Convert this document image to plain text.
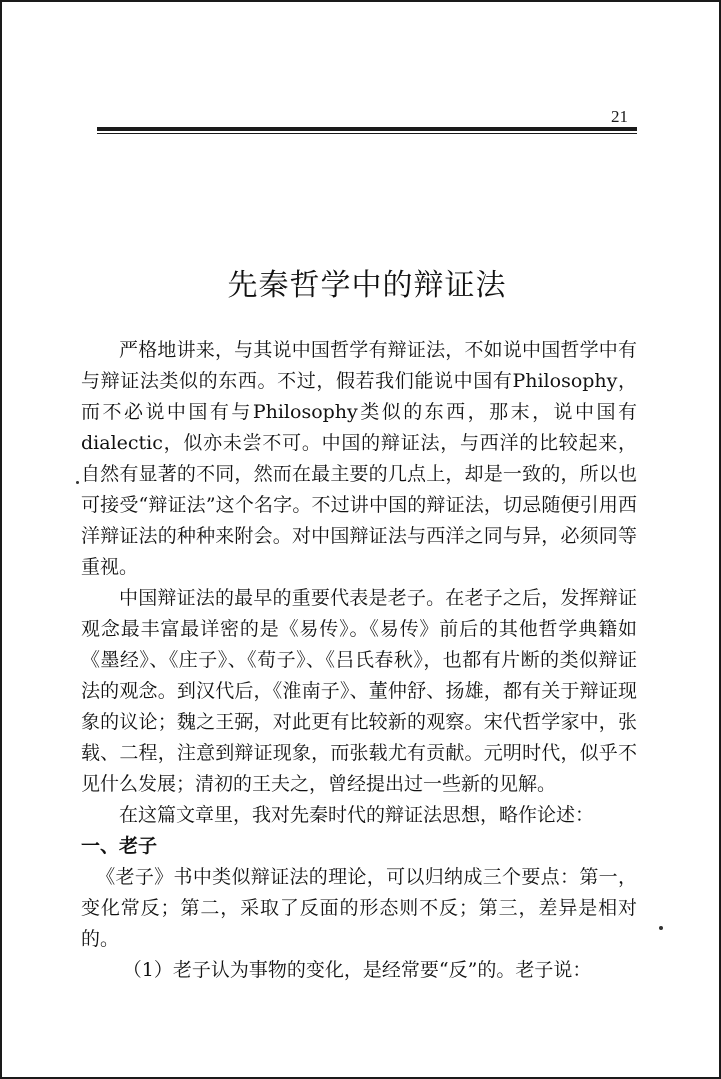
21
先秦哲学中的辩证法

严格地讲来，与其说中国哲学有辩证法，不如说中国哲学中有与辩证法类似的东西。不过，假若我们能说中国有Philosophy，而不必说中国有与Philosophy类似的东西，那末，说中国有dialectic，似亦未尝不可。中国的辩证法，与西洋的比较起来，自然有显著的不同，然而在最主要的几点上，却是一致的，所以也可接受“辩证法”这个名字。不过讲中国的辩证法，切忌随便引用西洋辩证法的种种来附会。对中国辩证法与西洋之同与异，必须同等重视。

中国辩证法的最早的重要代表是老子。在老子之后，发挥辩证观念最丰富最详密的是《易传》。《易传》前后的其他哲学典籍如《墨经》、《庄子》、《荀子》、《吕氏春秋》，也都有片断的类似辩证法的观念。到汉代后，《淮南子》、董仲舒、扬雄，都有关于辩证现象的议论；魏之王弼，对此更有比较新的观察。宋代哲学家中，张载、二程，注意到辩证现象，而张载尤有贡献。元明时代，似乎不见什么发展；清初的王夫之，曾经提出过一些新的见解。

在这篇文章里，我对先秦时代的辩证法思想，略作论述：

一、老子

《老子》书中类似辩证法的理论，可以归纳成三个要点：第一，变化常反；第二，采取了反面的形态则不反；第三，差异是相对的。

（1）老子认为事物的变化，是经常要“反”的。老子说：
